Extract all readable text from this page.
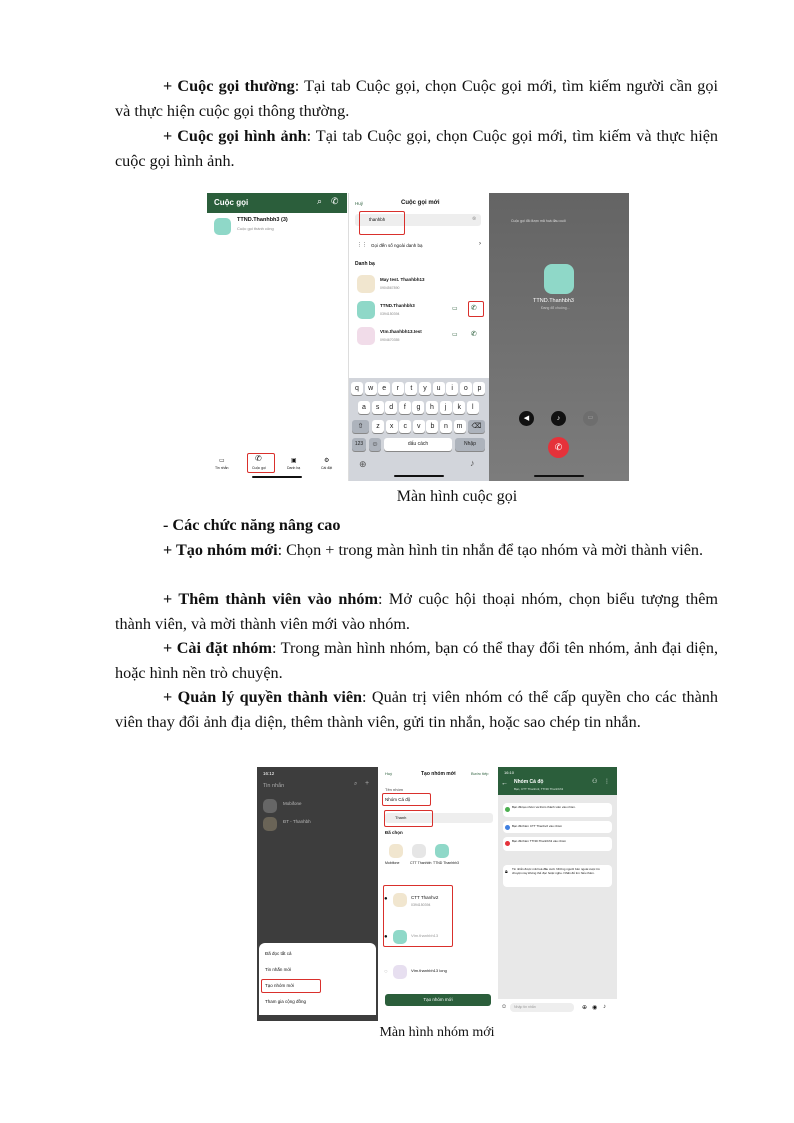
+ Cuộc gọi thường: Tại tab Cuộc gọi, chọn Cuộc gọi mới, tìm kiếm người cần gọi và thực hiện cuộc gọi thông thường.

+ Cuộc gọi hình ảnh: Tại tab Cuộc gọi, chọn Cuộc gọi mới, tìm kiếm và thực hiện cuộc gọi hình ảnh.

Cuộc gọi	⌕ ✆
TTND.Thanhbh3 (3)
Cuộc gọi thành công
▭
Tin nhắn
✆
Cuộc gọi
▣
Danh bạ
⚙
Cài đặt
Huỷ	Cuộc gọi mới
thanhbh	⊗
⋮⋮ Gọi đến số ngoài danh bạ	›
Danh bạ
May test. Thanhbh13
0904567890
TTND.Thanhbh3
0394150394
▭ ✆
Vtm.thanhbh13.test
0904670355
▭ ✆
q	w	e	r	t	y	u	i	o	p
a	s	d	f	g	h	j	k	l
z	x	c	v	b	n	m
⇧	⌫
123	☺	dấu cách	Nhập
⊕	♪
Cuộc gọi đã được mã hoá đầu cuối
TTND.Thanhbh3
Đang đổ chuông...
◀	♪	▭
✆
Màn hình cuộc gọi

- Các chức năng nâng cao

+ Tạo nhóm mới: Chọn + trong màn hình tin nhắn để tạo nhóm và mời thành viên.

+ Thêm thành viên vào nhóm: Mở cuộc hội thoại nhóm, chọn biểu tượng thêm thành viên, và mời thành viên mới vào nhóm.

+ Cài đặt nhóm: Trong màn hình nhóm, bạn có thể thay đổi tên nhóm, ảnh đại diện, hoặc hình nền trò chuyện.

+ Quản lý quyền thành viên: Quản trị viên nhóm có thể cấp quyền cho các thành viên thay đổi ảnh địa diện, thêm thành viên, gửi tin nhắn, hoặc sao chép tin nhắn.

16:12
Tin nhắn	⌕ +
Mobifone
ĐT - Thanhbh
Đã đọc tất cả
Tin nhắn mới
Tạo nhóm mới
Tham gia cộng đồng
Huỷ	Tạo nhóm mới	Bước tiếp
Tên nhóm
Nhóm Cá độ
Thanh
Đã chọn
Mobifone	CTT Thanhbh TTND Thanhbh3
●	CTT Thanhv2
0394150394
●	Vtm.thanhbh13
○	Vtm.thanhbh13 long
Tạo nhóm mới
16:10
← Nhóm Cá độ
Bạn, CTT Thanhv2, TTND Thanhbh3
⚇ ⋮
Bạn đã tạo nhóm và thêm thành viên vào nhóm.
Bạn đã thêm CTT Thanhv2 vào nhóm
Bạn đã thêm TTND.Thanhbh3 vào nhóm
🔒︎ Tin nhắn được mã hoá đầu cuối. Những người bên ngoài cuộc trò chuyện này không thể đọc hoặc nghe. Nhấn để tìm hiểu thêm.
☺ Nhập tin nhắn	⊕ ◉ ♪
Màn hình nhóm mới
